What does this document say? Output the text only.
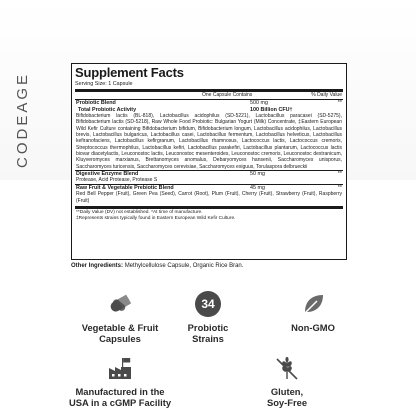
CODEAGE	Supplement Facts
Serving Size: 1 Capsule
One Capsule Contains	% Daily Value
Probiotic Blend	500 mg	**
Total Probiotic Activity	100 Billion CFU†
Bifidobacterium lactis (BL-818), Lactobacillus acidophilus (SD-5221), Lactobacillus paracasei (SD-5275), Bifidobacterium lactis (SD-5218), Raw Whole Food Probiotic: Bulgarian Yogurt (Milk) Concentrate, ‡Eastern European Wild Kefir Culture containing Bifidobacterium bifidum, Bifidobacterium longum, Lactobacillus acidophilus, Lactobacillus brevis, Lactobacillus bulgaricus, Lactobacillus casei, Lactobacillus fermentum, Lactobacillus helveticus, Lactobacillus kefiranofaciens, Lactobacillus kefirgranum, Lactobacillus rhamnosus, Lactococcus lactis, Lactococcus cremoris, Streptococcus thermophilus, Lactobacillus kefiri, Lactobacillus parakefiri, Lactobacillus plantarum, Lactococcus lactis biovar diacetylactis, Leuconostoc lactis, Leuconostoc mesenteroides, Leuconostoc cremoris, Leuconostoc dextranicum, Kluyveromyces marxianus, Brettanomyces anomalus, Debaryomyces hansenii, Saccharomyces unisporus, Saccharomyces turicensis, Saccharomyces cerevisiae, Saccharomyces exiguus, Torulaspora delbrueckii
Digestive Enzyme Blend	50 mg	**
Protease, Acid Protease, Protease S
Raw Fruit & Vegetable Prebiotic Blend	45 mg	**
Red Bell Pepper (Fruit), Green Pea (Seed), Carrot (Root), Plum (Fruit), Cherry (Fruit), Strawberry (Fruit), Raspberry (Fruit)
**Daily Value (DV) not established. *At time of manufacture.
‡Represents strains typically found in Eastern European Wild Kefir Culture.
Other Ingredients: Methylcellulose Capsule, Organic Rice Bran.
Vegetable & Fruit
Capsules
34
Probiotic
Strains
Non-GMO
Manufactured in the
USA in a cGMP Facility
Gluten,
Soy-Free
